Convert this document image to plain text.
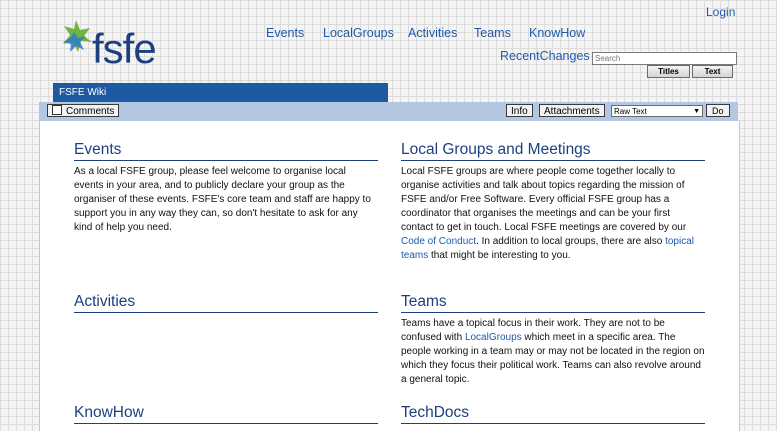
Login
fsfe	Events LocalGroups Activities Teams KnowHow
RecentChanges
Search
Titles	Text
FSFE Wiki
Comments	Info	Attachments	Raw Text	▼	Do
Events

As a local FSFE group, please feel welcome to organise local events in your area, and to publicly declare your group as the organiser of these events. FSFE's core team and staff are happy to support you in any way they can, so don't hesitate to ask for any kind of help you need.

Local Groups and Meetings

Local FSFE groups are where people come together locally to organise activities and talk about topics regarding the mission of FSFE and/or Free Software. Every official FSFE group has a coordinator that organises the meetings and can be your first contact to get in touch. Local FSFE meetings are covered by our Code of Conduct. In addition to local groups, there are also topical teams that might be interesting to you.

Activities	Teams

Teams have a topical focus in their work. They are not to be confused with LocalGroups which meet in a specific area. The people working in a team may or may not be located in the region on which they focus their political work. Teams can also revolve around a general topic.

KnowHow	TechDocs
